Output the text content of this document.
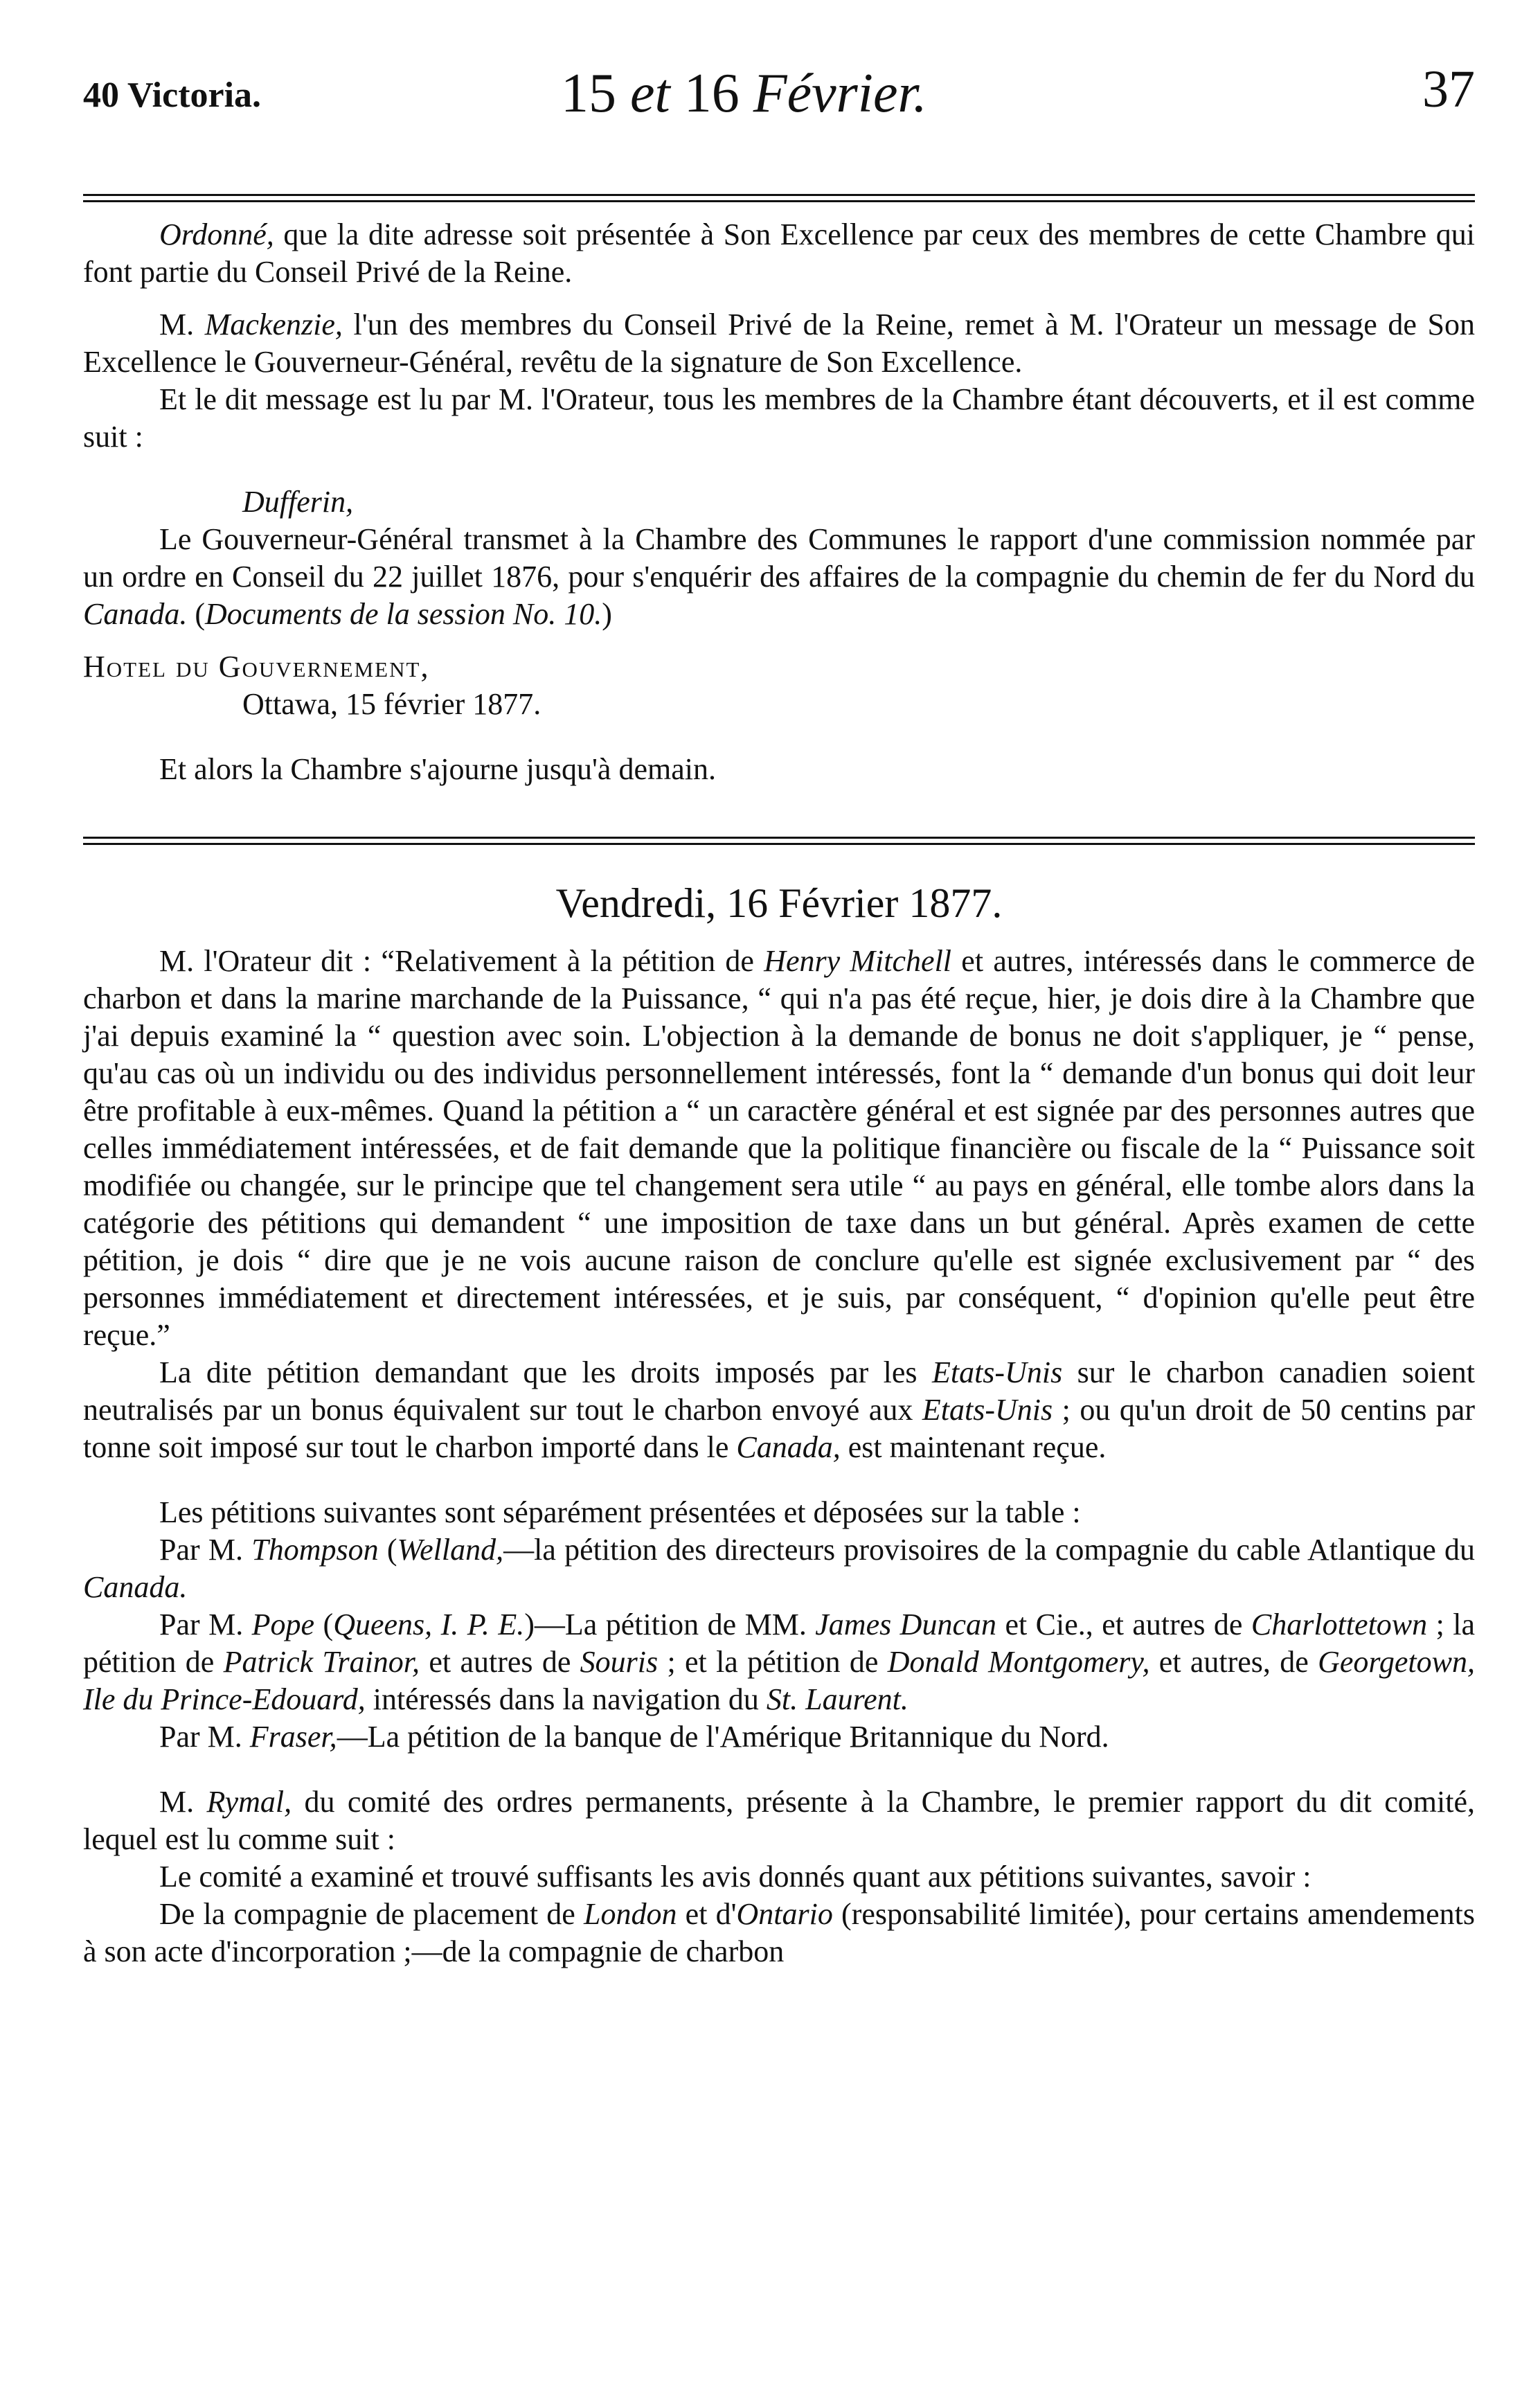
40 Victoria.	15 et 16 Février.	37

Ordonné, que la dite adresse soit présentée à Son Excellence par ceux des membres de cette Chambre qui font partie du Conseil Privé de la Reine.

M. Mackenzie, l'un des membres du Conseil Privé de la Reine, remet à M. l'Orateur un message de Son Excellence le Gouverneur-Général, revêtu de la signature de Son Excellence.

Et le dit message est lu par M. l'Orateur, tous les membres de la Chambre étant découverts, et il est comme suit :

Dufferin,

Le Gouverneur-Général transmet à la Chambre des Communes le rapport d'une commission nommée par un ordre en Conseil du 22 juillet 1876, pour s'enquérir des affaires de la compagnie du chemin de fer du Nord du Canada. (Documents de la session No. 10.)

Hotel du Gouvernement,

Ottawa, 15 février 1877.

Et alors la Chambre s'ajourne jusqu'à demain.

Vendredi, 16 Février 1877.

M. l'Orateur dit : “Relativement à la pétition de Henry Mitchell et autres, intéressés dans le commerce de charbon et dans la marine marchande de la Puissance, “ qui n'a pas été reçue, hier, je dois dire à la Chambre que j'ai depuis examiné la “ question avec soin. L'objection à la demande de bonus ne doit s'appliquer, je “ pense, qu'au cas où un individu ou des individus personnellement intéressés, font la “ demande d'un bonus qui doit leur être profitable à eux-mêmes. Quand la pétition a “ un caractère général et est signée par des personnes autres que celles immédiatement intéressées, et de fait demande que la politique financière ou fiscale de la “ Puissance soit modifiée ou changée, sur le principe que tel changement sera utile “ au pays en général, elle tombe alors dans la catégorie des pétitions qui demandent “ une imposition de taxe dans un but général. Après examen de cette pétition, je dois “ dire que je ne vois aucune raison de conclure qu'elle est signée exclusivement par “ des personnes immédiatement et directement intéressées, et je suis, par conséquent, “ d'opinion qu'elle peut être reçue.”

La dite pétition demandant que les droits imposés par les Etats-Unis sur le charbon canadien soient neutralisés par un bonus équivalent sur tout le charbon envoyé aux Etats-Unis ; ou qu'un droit de 50 centins par tonne soit imposé sur tout le charbon importé dans le Canada, est maintenant reçue.

Les pétitions suivantes sont séparément présentées et déposées sur la table :

Par M. Thompson (Welland,—la pétition des directeurs provisoires de la compagnie du cable Atlantique du Canada.

Par M. Pope (Queens, I. P. E.)—La pétition de MM. James Duncan et Cie., et autres de Charlottetown ; la pétition de Patrick Trainor, et autres de Souris ; et la pétition de Donald Montgomery, et autres, de Georgetown, Ile du Prince-Edouard, intéressés dans la navigation du St. Laurent.

Par M. Fraser,—La pétition de la banque de l'Amérique Britannique du Nord.

M. Rymal, du comité des ordres permanents, présente à la Chambre, le premier rapport du dit comité, lequel est lu comme suit :

Le comité a examiné et trouvé suffisants les avis donnés quant aux pétitions suivantes, savoir :

De la compagnie de placement de London et d'Ontario (responsabilité limitée), pour certains amendements à son acte d'incorporation ;—de la compagnie de charbon
